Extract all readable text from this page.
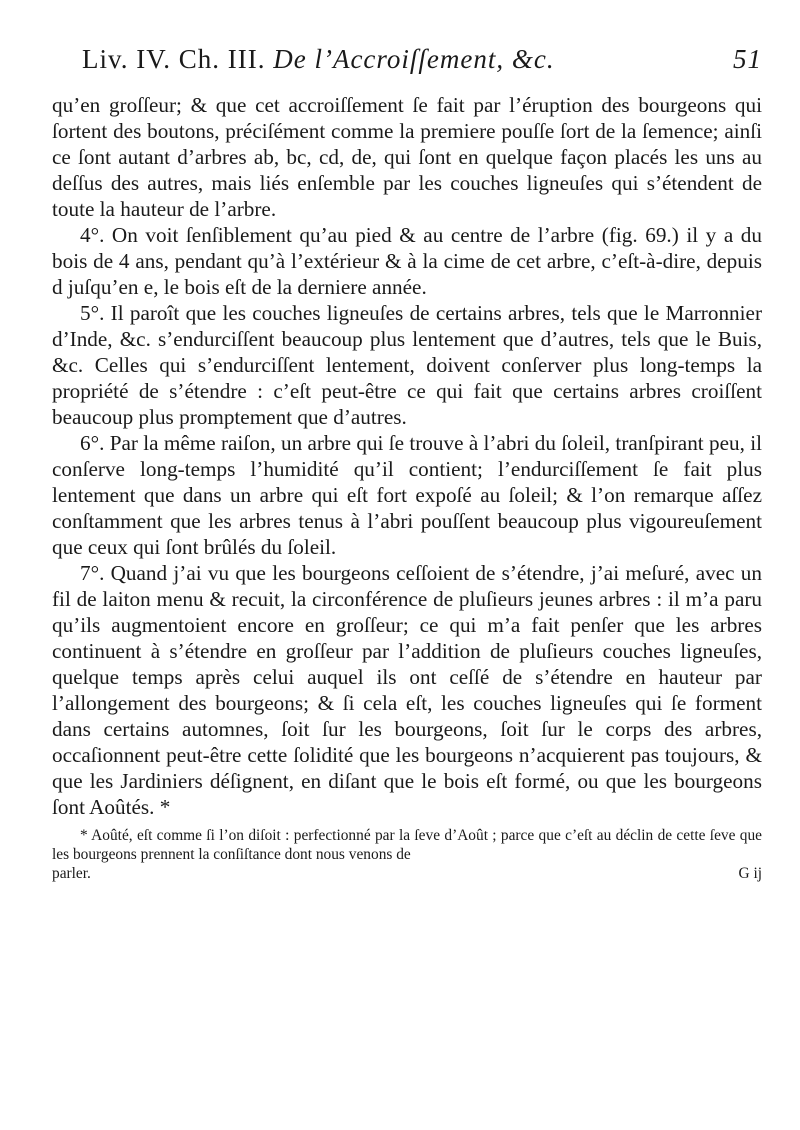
Liv. IV. Ch. III. De l’Accroiſſement, &c.	51

qu’en groſſeur; & que cet accroiſſement ſe fait par l’éruption des bourgeons qui ſortent des boutons, préciſément comme la premiere pouſſe ſort de la ſemence; ainſi ce ſont autant d’arbres ab, bc, cd, de, qui ſont en quelque façon placés les uns au deſſus des autres, mais liés enſemble par les couches ligneuſes qui s’étendent de toute la hauteur de l’arbre.

4°. On voit ſenſiblement qu’au pied & au centre de l’arbre (fig. 69.) il y a du bois de 4 ans, pendant qu’à l’extérieur & à la cime de cet arbre, c’eſt-à-dire, depuis d juſqu’en e, le bois eſt de la derniere année.

5°. Il paroît que les couches ligneuſes de certains arbres, tels que le Marronnier d’Inde, &c. s’endurciſſent beaucoup plus lentement que d’autres, tels que le Buis, &c. Celles qui s’endurciſſent lentement, doivent conſerver plus long-temps la propriété de s’étendre : c’eſt peut-être ce qui fait que certains arbres croiſſent beaucoup plus promptement que d’autres.

6°. Par la même raiſon, un arbre qui ſe trouve à l’abri du ſoleil, tranſpirant peu, il conſerve long-temps l’humidité qu’il contient; l’endurciſſement ſe fait plus lentement que dans un arbre qui eſt fort expoſé au ſoleil; & l’on remarque aſſez conſtamment que les arbres tenus à l’abri pouſſent beaucoup plus vigoureuſement que ceux qui ſont brûlés du ſoleil.

7°. Quand j’ai vu que les bourgeons ceſſoient de s’étendre, j’ai meſuré, avec un fil de laiton menu & recuit, la circonférence de pluſieurs jeunes arbres : il m’a paru qu’ils augmentoient encore en groſſeur; ce qui m’a fait penſer que les arbres continuent à s’étendre en groſſeur par l’addition de pluſieurs couches ligneuſes, quelque temps après celui auquel ils ont ceſſé de s’étendre en hauteur par l’allongement des bourgeons; & ſi cela eſt, les couches ligneuſes qui ſe forment dans certains automnes, ſoit ſur les bourgeons, ſoit ſur le corps des arbres, occaſionnent peut-être cette ſolidité que les bourgeons n’acquierent pas toujours, & que les Jardiniers déſignent, en diſant que le bois eſt formé, ou que les bourgeons ſont Aoûtés. *

* Aoûté, eſt comme ſi l’on diſoit : perfectionné par la ſeve d’Août ; parce que c’eſt au déclin de cette ſeve que les bourgeons prennent la conſiſtance dont nous venons de
parler.	G ij
